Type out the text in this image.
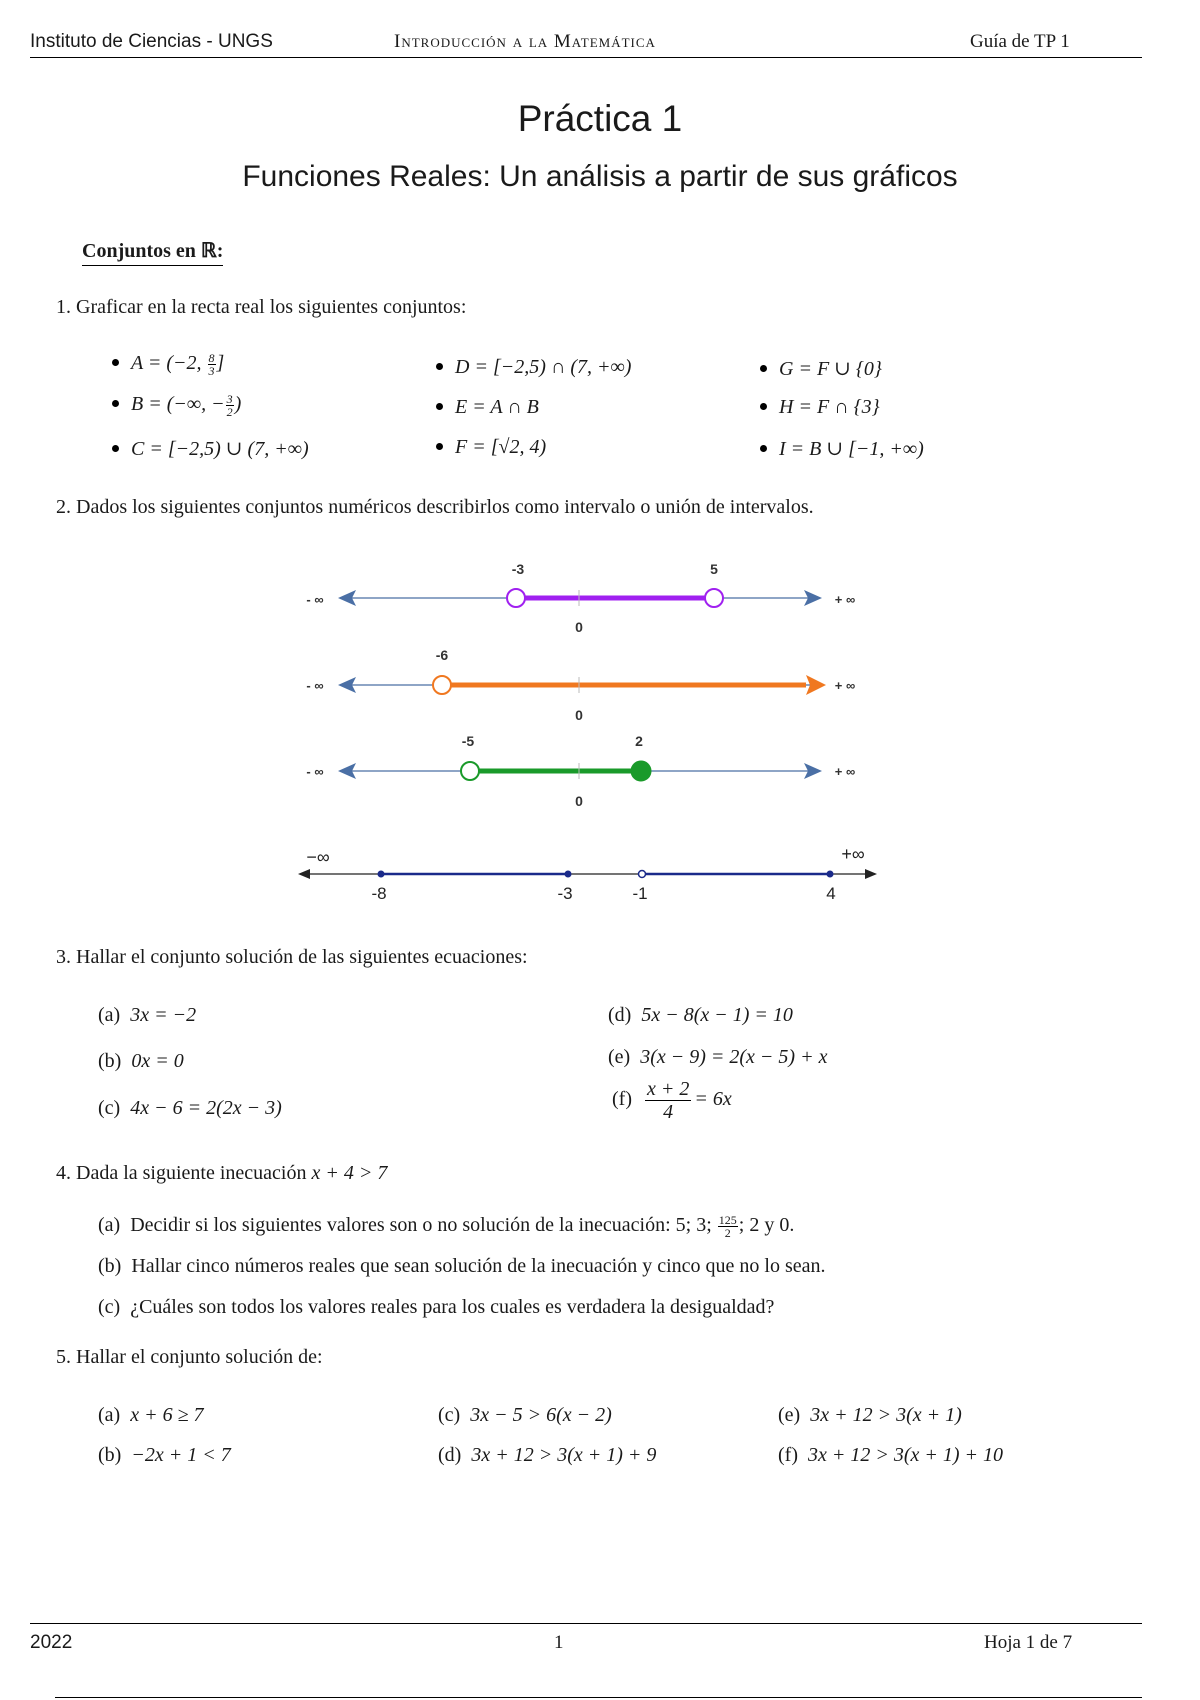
Instituto de Ciencias - UNGS	Introducción a la Matemática	Guía de TP 1
Práctica 1
Funciones Reales: Un análisis a partir de sus gráficos
Conjuntos en ℝ:
1. Graficar en la recta real los siguientes conjuntos:
A = (−2, $\frac{8}{3}$ ]
B = (−∞, − $\frac{3}{2}$ )
C = [−2,5) ∪ (7, +∞)
D = [−2,5) ∩ (7, +∞)
E = A ∩ B
F = [√2, 4)
G = F ∪ {0}
H = F ∩ {3}
I = B ∪ [−1, +∞)
2. Dados los siguientes conjuntos numéricos describirlos como intervalo o unión de intervalos.
- ∞	+ ∞
-3	5
0
- ∞	+ ∞
-6
0
- ∞	+ ∞
-5	2
0
−∞	+∞
-8	-3	-1	4
3. Hallar el conjunto solución de las siguientes ecuaciones:
(a) 3x = −2
(b) 0x = 0
(c) 4x − 6 = 2(2x − 3)
(d) 5x − 8(x − 1) = 10
(e) 3(x − 9) = 2(x − 5) + x
$(f) \frac{x + 2}{4} = 6x$
4. Dada la siguiente inecuación x + 4 > 7
(a) Decidir si los siguientes valores son o no solución de la inecuación: 5; 3; $\frac{125}{2}$ ; 2 y 0.
(b) Hallar cinco números reales que sean solución de la inecuación y cinco que no lo sean.
(c) ¿Cuáles son todos los valores reales para los cuales es verdadera la desigualdad?
5. Hallar el conjunto solución de:
(a) x + 6 ≥ 7
(b) −2x + 1 < 7
(c) 3x − 5 > 6(x − 2)
(d) 3x + 12 > 3(x + 1) + 9
(e) 3x + 12 > 3(x + 1)
(f) 3x + 12 > 3(x + 1) + 10
2022	1	Hoja 1 de 7
